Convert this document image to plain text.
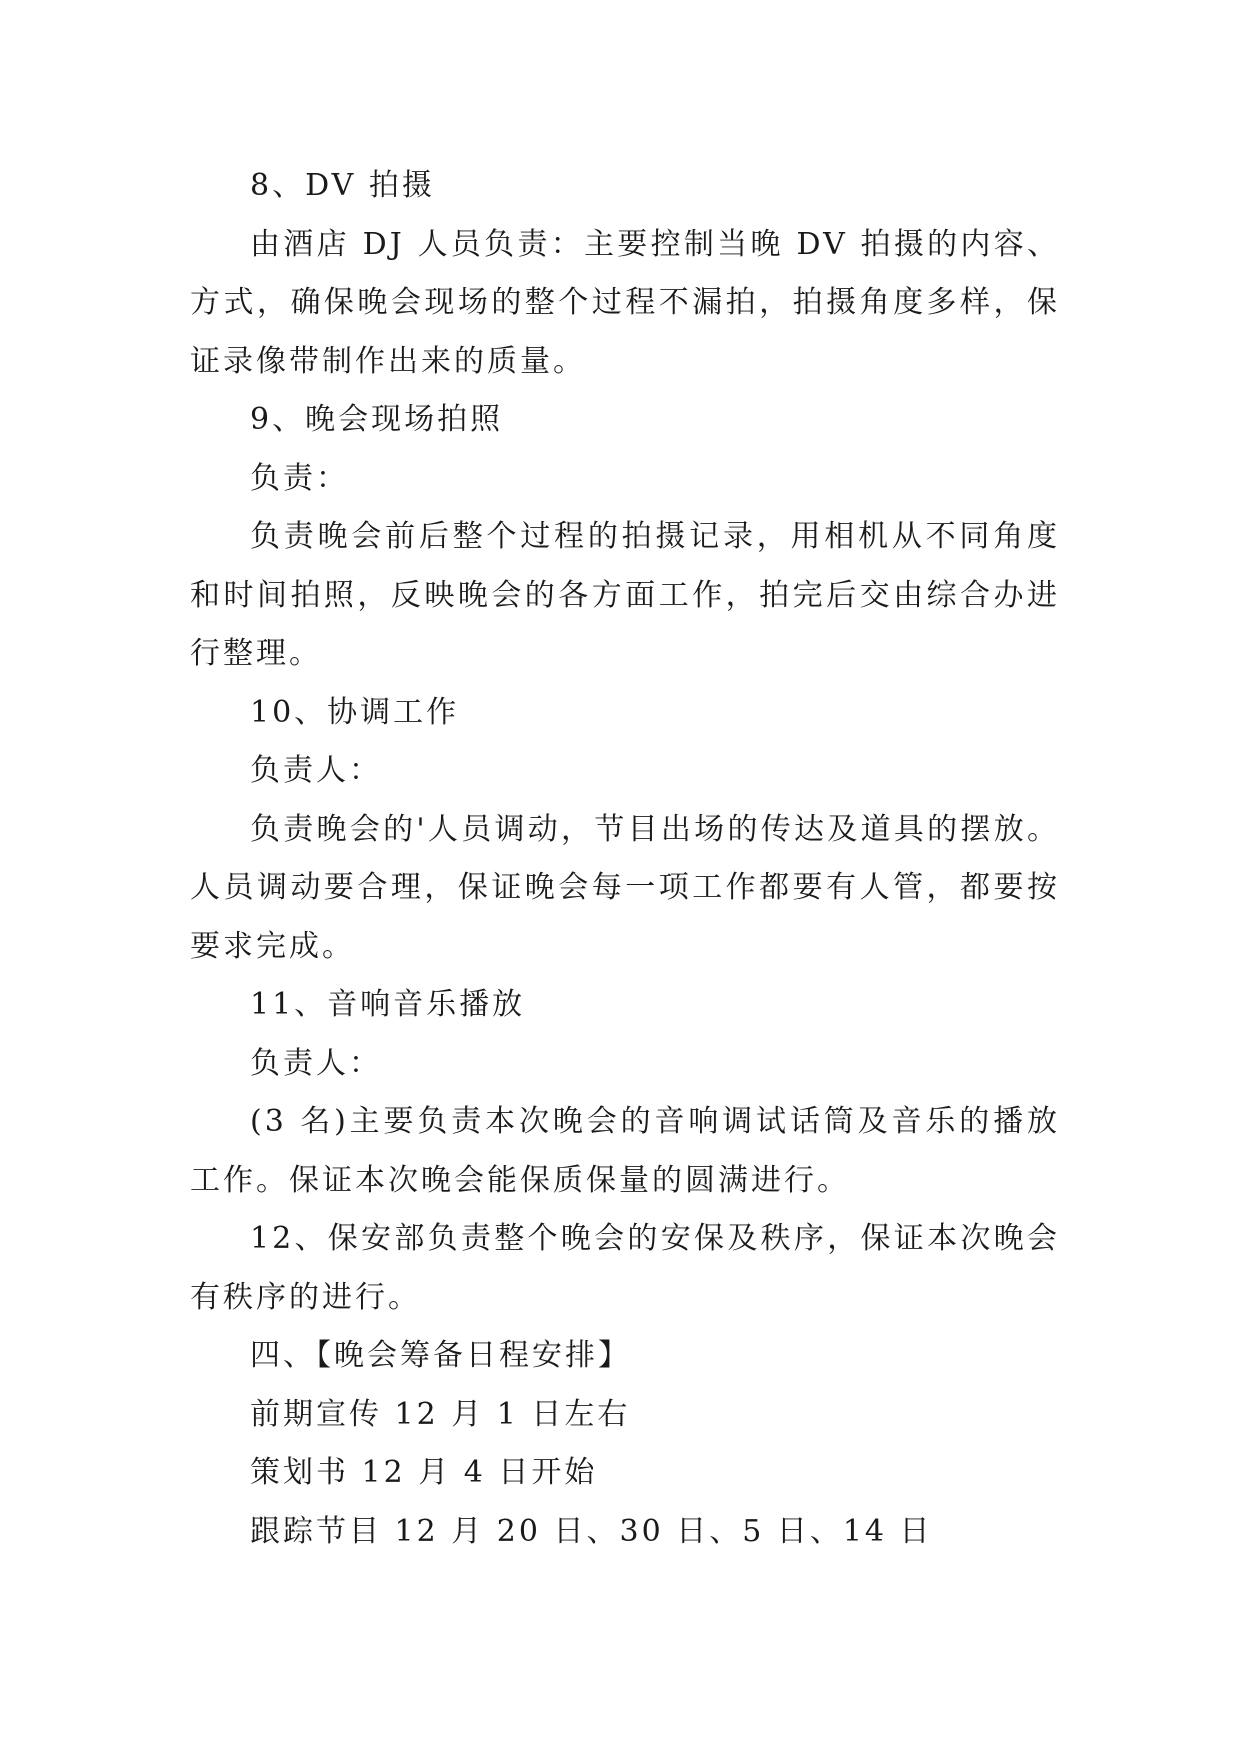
8、DV 拍摄

由酒店 DJ 人员负责：主要控制当晚 DV 拍摄的内容、方式，确保晚会现场的整个过程不漏拍，拍摄角度多样，保证录像带制作出来的质量。

9、晚会现场拍照

负责：

负责晚会前后整个过程的拍摄记录，用相机从不同角度和时间拍照，反映晚会的各方面工作，拍完后交由综合办进行整理。

10、协调工作

负责人：

负责晚会的'人员调动，节目出场的传达及道具的摆放。人员调动要合理，保证晚会每一项工作都要有人管，都要按要求完成。

11、音响音乐播放

负责人：

(3 名)主要负责本次晚会的音响调试话筒及音乐的播放工作。保证本次晚会能保质保量的圆满进行。

12、保安部负责整个晚会的安保及秩序，保证本次晚会有秩序的进行。

四、【晚会筹备日程安排】

前期宣传 12 月 1 日左右

策划书 12 月 4 日开始

跟踪节目 12 月 20 日、30 日、5 日、14 日
